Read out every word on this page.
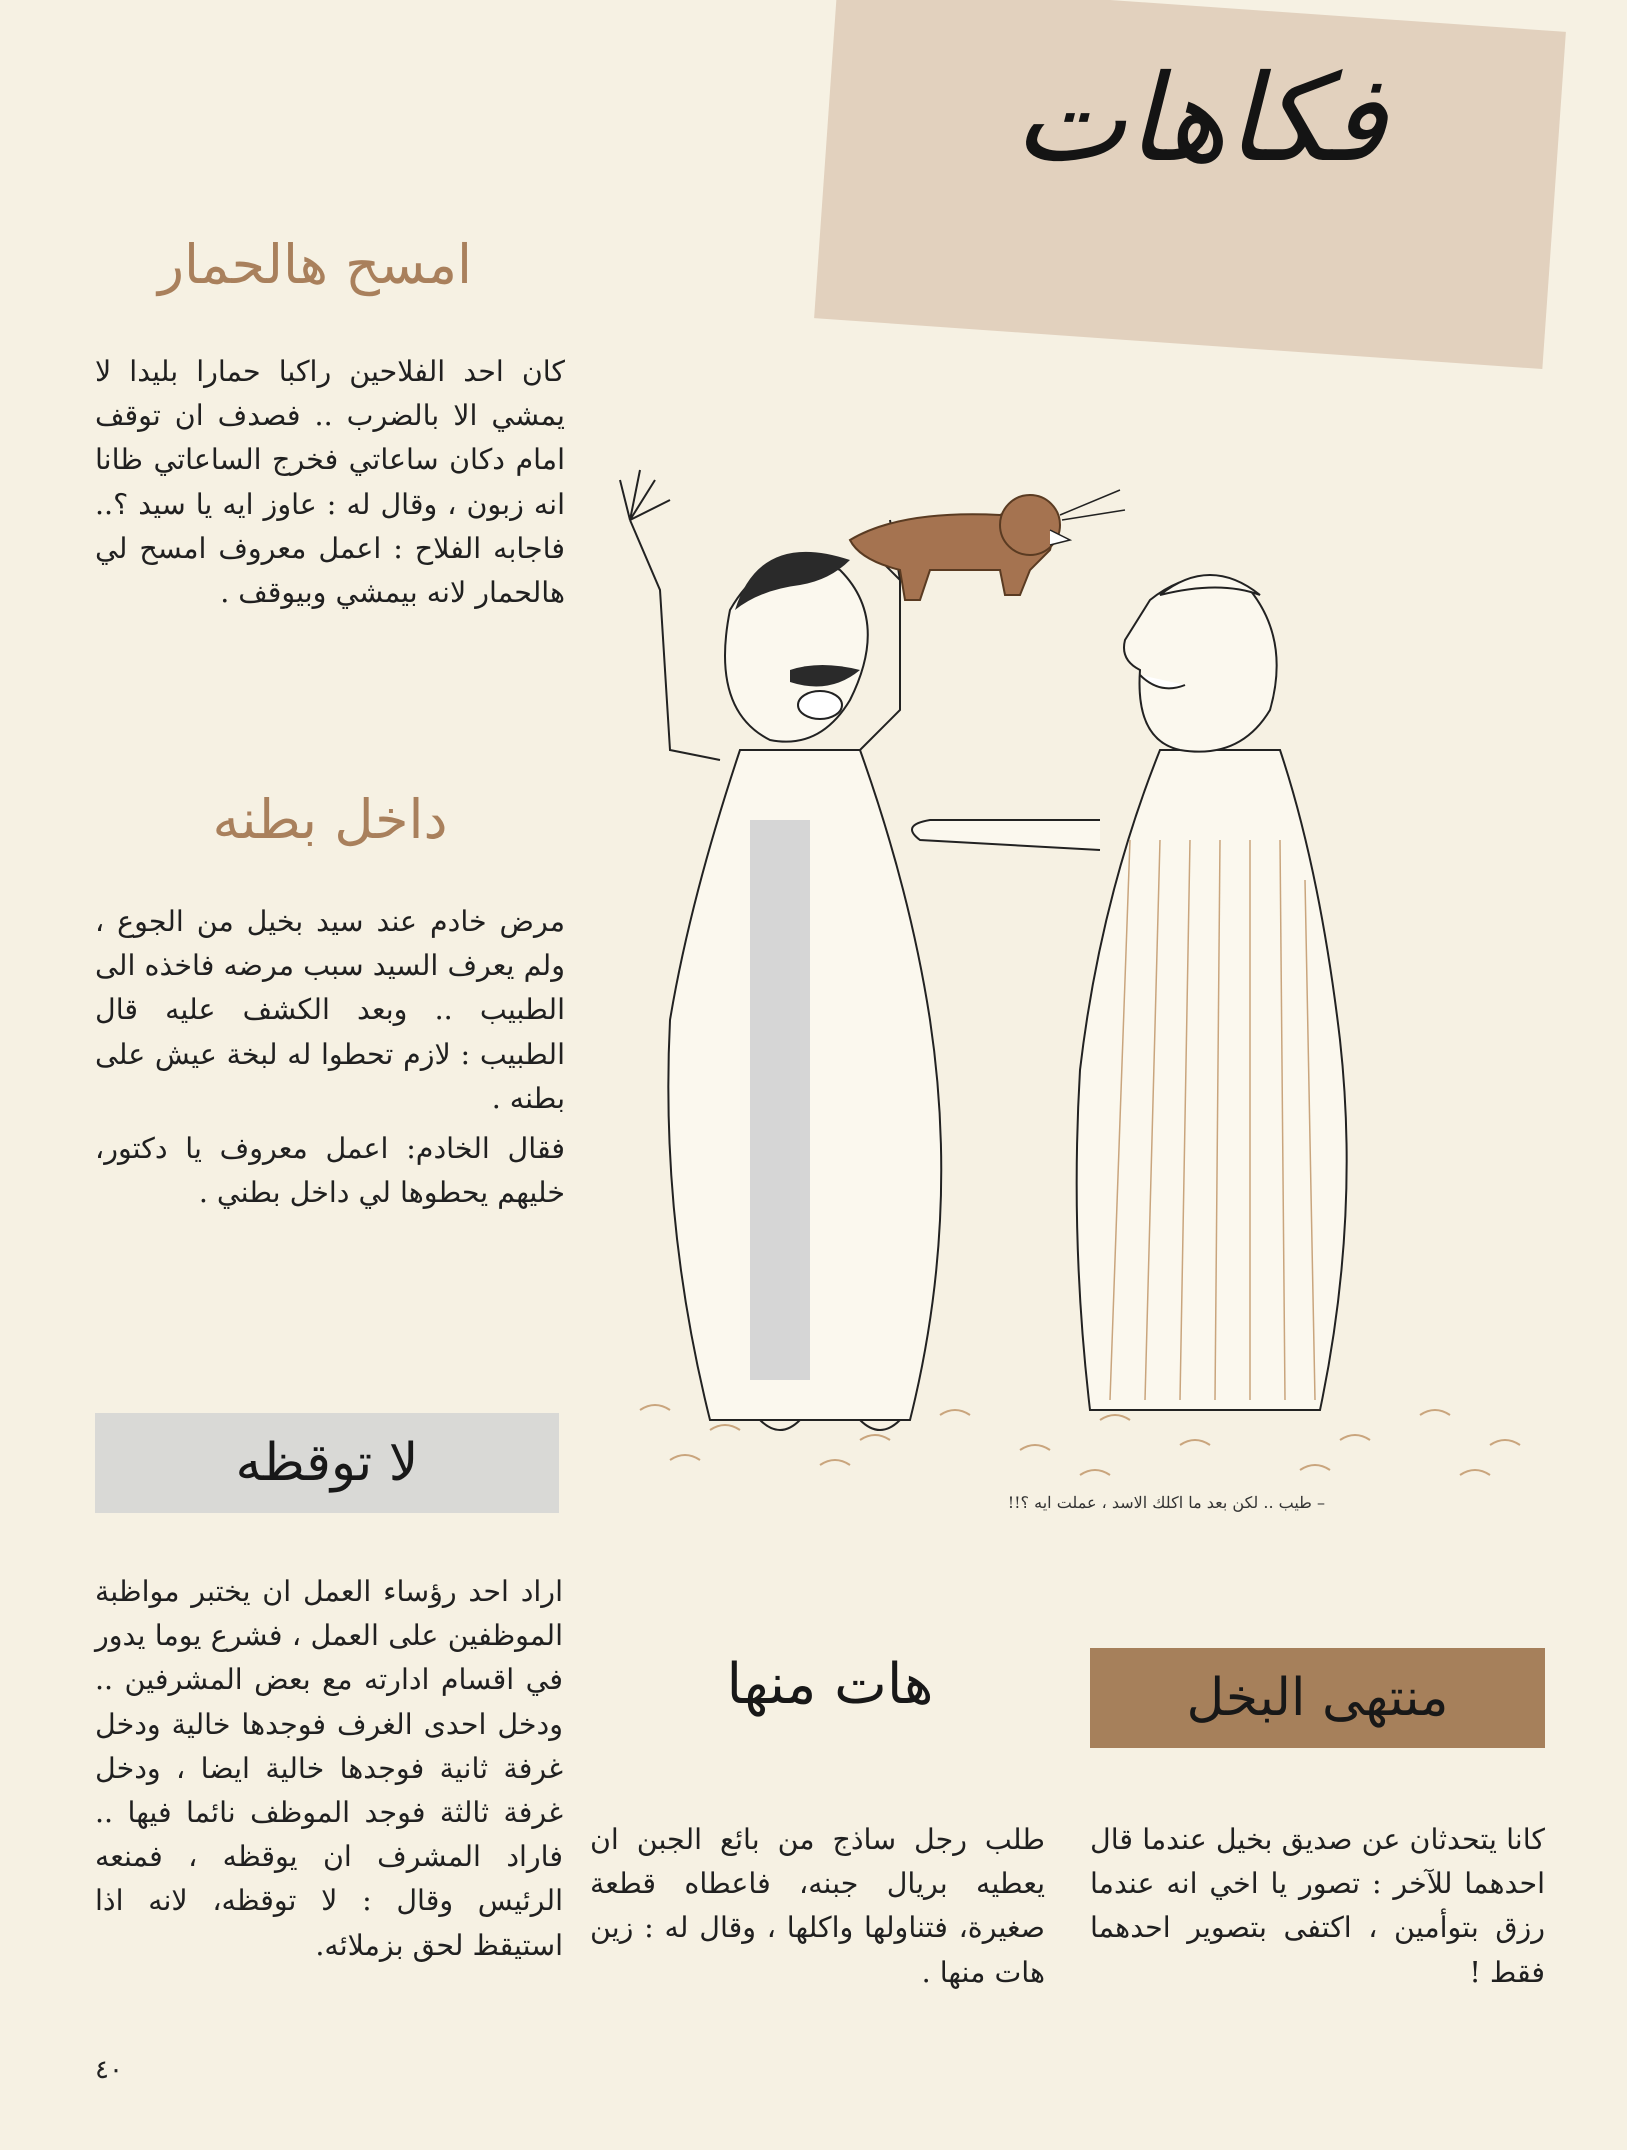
فكاهات
امسح هالحمار

كان احد الفلاحين راكبا حمارا بليدا لا يمشي الا بالضرب .. فصدف ان توقف امام دكان ساعاتي فخرج الساعاتي ظانا انه زبون ، وقال له : عاوز ايه يا سيد ؟.. فاجابه الفلاح : اعمل معروف امسح لي هالحمار لانه بيمشي وبيوقف .

داخل بطنه

مرض خادم عند سيد بخيل من الجوع ، ولم يعرف السيد سبب مرضه فاخذه الى الطبيب .. وبعد الكشف عليه قال الطبيب : لازم تحطوا له لبخة عيش على بطنه .

فقال الخادم: اعمل معروف يا دكتور، خليهم يحطوها لي داخل بطني .

لا توقظه

اراد احد رؤساء العمل ان يختبر مواظبة الموظفين على العمل ، فشرع يوما يدور في اقسام ادارته مع بعض المشرفين .. ودخل احدى الغرف فوجدها خالية ودخل غرفة ثانية فوجدها خالية ايضا ، ودخل غرفة ثالثة فوجد الموظف نائما فيها .. فاراد المشرف ان يوقظه ، فمنعه الرئيس وقال : لا توقظه، لانه اذا استيقظ لحق بزملائه.

– طيب .. لكن بعد ما اكلك الاسد ، عملت ايه ؟!!
هات منها

طلب رجل ساذج من بائع الجبن ان يعطيه بريال جبنه، فاعطاه قطعة صغيرة، فتناولها واكلها ، وقال له : زين هات منها .

منتهى البخل

كانا يتحدثان عن صديق بخيل عندما قال احدهما للآخر : تصور يا اخي انه عندما رزق بتوأمين ، اكتفى بتصوير احدهما فقط !

٤٠
